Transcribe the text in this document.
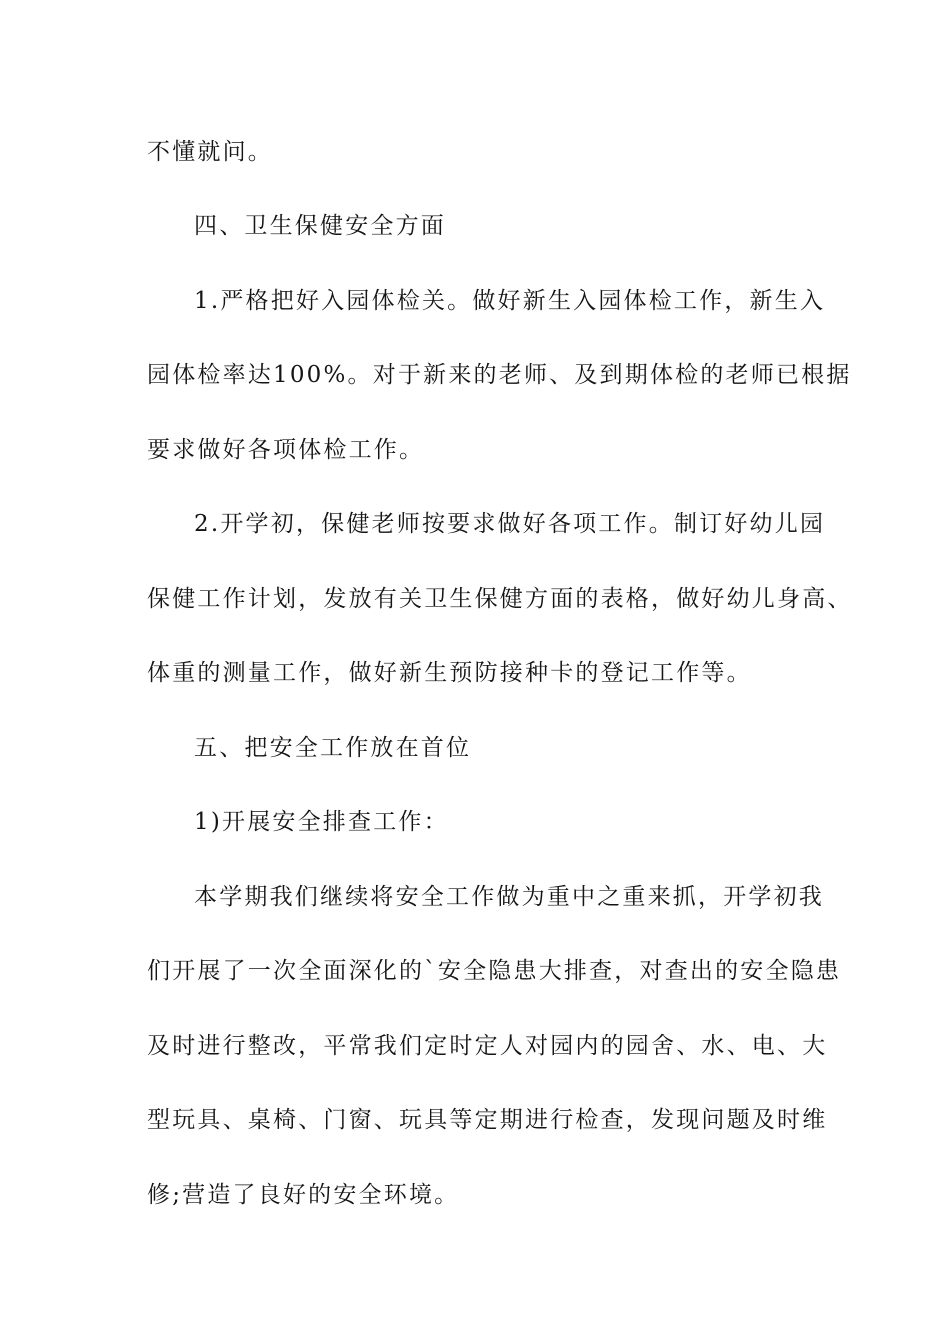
不懂就问。
四、卫生保健安全方面
1.严格把好入园体检关。做好新生入园体检工作，新生入
园体检率达100%。对于新来的老师、及到期体检的老师已根据
要求做好各项体检工作。
2.开学初，保健老师按要求做好各项工作。制订好幼儿园
保健工作计划，发放有关卫生保健方面的表格，做好幼儿身高、
体重的测量工作，做好新生预防接种卡的登记工作等。
五、把安全工作放在首位
1)开展安全排查工作：
本学期我们继续将安全工作做为重中之重来抓，开学初我
们开展了一次全面深化的`安全隐患大排查，对查出的安全隐患
及时进行整改，平常我们定时定人对园内的园舍、水、电、大
型玩具、桌椅、门窗、玩具等定期进行检查，发现问题及时维
修;营造了良好的安全环境。
